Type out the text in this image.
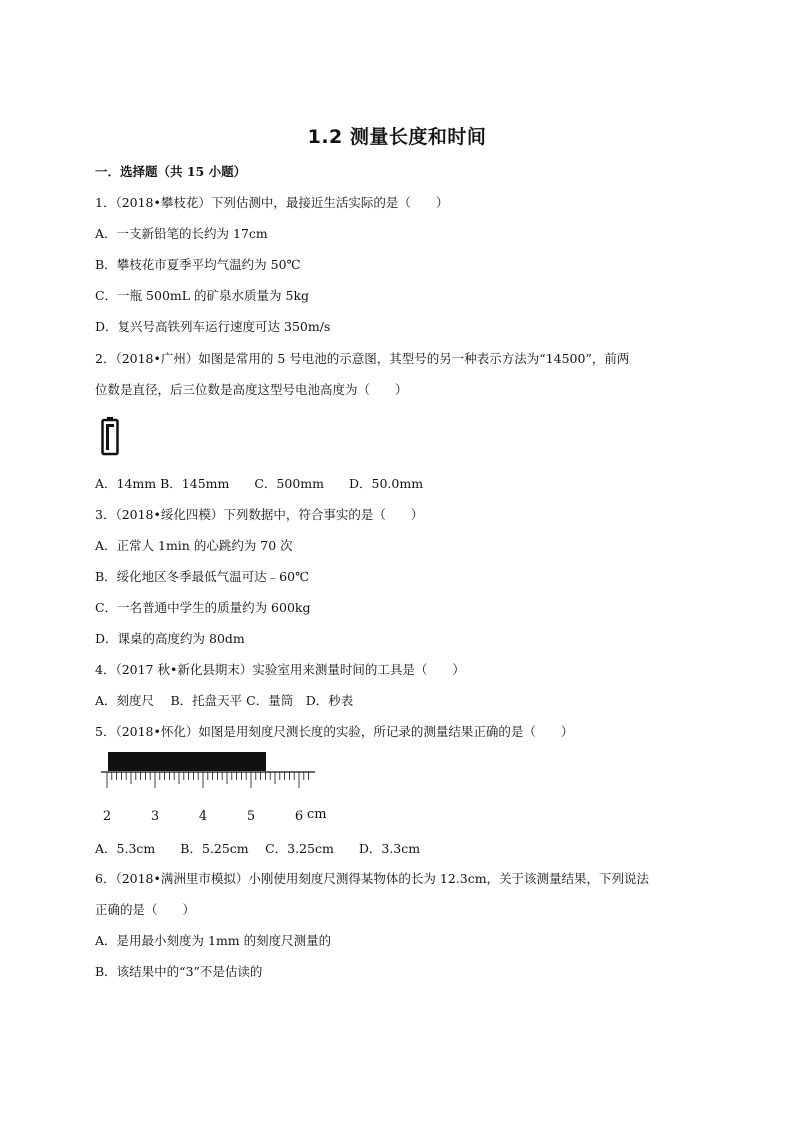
1.2 测量长度和时间
一．选择题（共 15 小题）
1．（2018•攀枝花）下列估测中，最接近生活实际的是（　　）
A．一支新铅笔的长约为 17cm
B．攀枝花市夏季平均气温约为 50℃
C．一瓶 500mL 的矿泉水质量为 5kg
D．复兴号高铁列车运行速度可达 350m/s
2．（2018•广州）如图是常用的 5 号电池的示意图，其型号的另一种表示方法为“14500”，前两
位数是直径，后三位数是高度这型号电池高度为（　　）
A．14mm B．145mm　　C．500mm　　D．50.0mm
3．（2018•绥化四模）下列数据中，符合事实的是（　　）
A．正常人 1min 的心跳约为 70 次
B．绥化地区冬季最低气温可达﹣60℃
C．一名普通中学生的质量约为 600kg
D．课桌的高度约为 80dm
4．（2017 秋•新化县期末）实验室用来测量时间的工具是（　　）
A．刻度尺　 B．托盘天平 C．量筒　D．秒表
5．（2018•怀化）如图是用刻度尺测长度的实验，所记录的测量结果正确的是（　　）
2	3	4	5	6 cm
A．5.3cm　　B．5.25cm　 C．3.25cm　　D．3.3cm
6．（2018•满洲里市模拟）小刚使用刻度尺测得某物体的长为 12.3cm，关于该测量结果，下列说法
正确的是（　　）
A．是用最小刻度为 1mm 的刻度尺测量的
B．该结果中的“3”不是估读的
